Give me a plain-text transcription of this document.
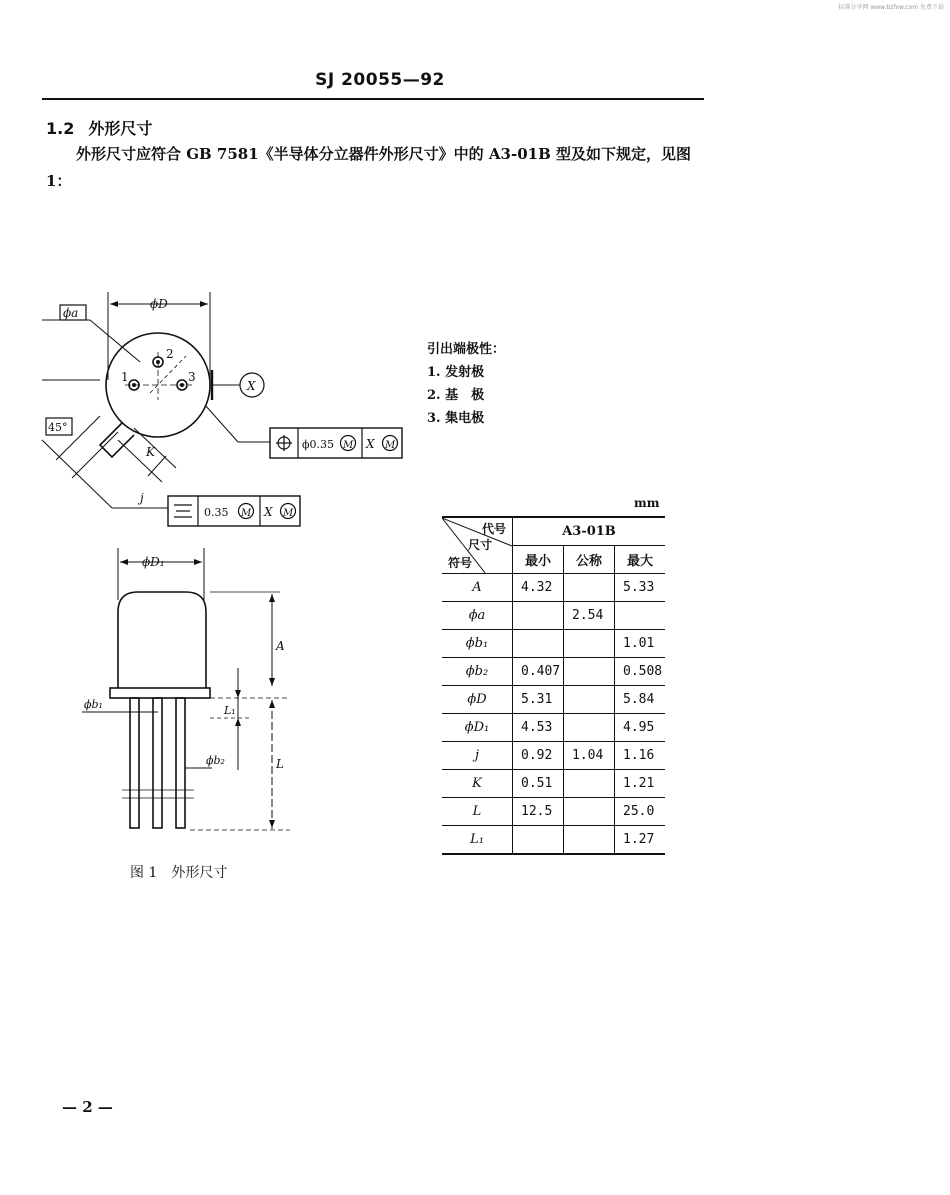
标准分享网 www.bzfxw.com 免费下载
SJ 20055—92
1.2 外形尺寸
外形尺寸应符合 GB 7581《半导体分立器件外形尺寸》中的 A3-01B 型及如下规定，见图 1：
ϕa
ϕD
1
2
3
X
45°
K
j
ϕ0.35 M X M
0.35 M X M
ϕD₁
A
L
L₁
ϕb₁
ϕb₂
引出端极性：
1. 发射极
2. 基　极
3. 集电极
mm
代号
尺寸
符号	A3-01B		
	最小	公称	最大
A	4.32		5.33
ϕa		2.54	
ϕb₁			1.01
ϕb₂	0.407		0.508
ϕD	5.31		5.84
ϕD₁	4.53		4.95
j	0.92	1.04	1.16
K	0.51		1.21
L	12.5		25.0
L₁			1.27
图 1　外形尺寸
— 2 —
